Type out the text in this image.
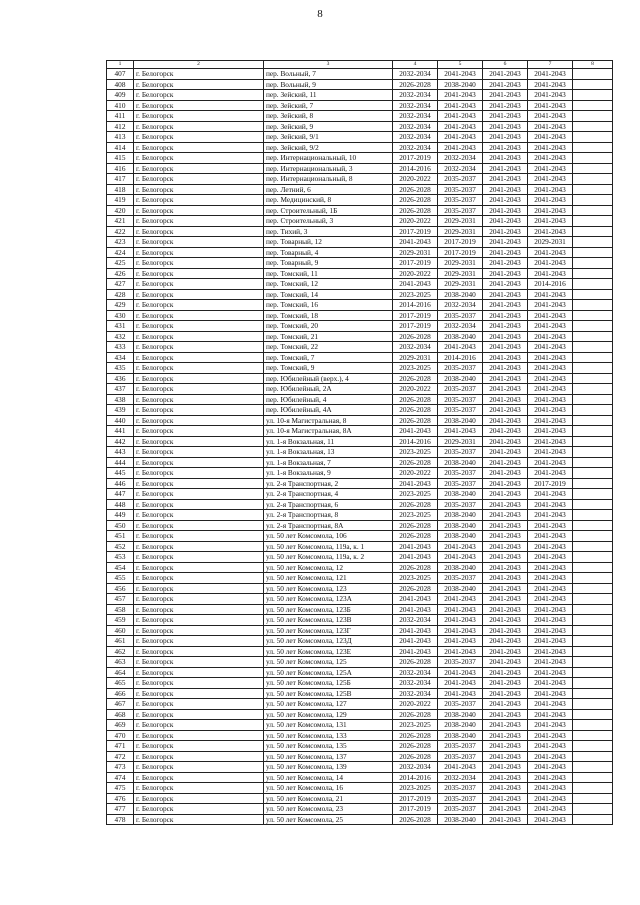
8
1	2	3	4	5	6	7	8
407	г. Белогорск	пер. Вольный, 7	2032-2034	2041-2043	2041-2043	2041-2043	
408	г. Белогорск	пер. Вольный, 9	2026-2028	2038-2040	2041-2043	2041-2043	
409	г. Белогорск	пер. Зейский, 11	2032-2034	2041-2043	2041-2043	2041-2043	
410	г. Белогорск	пер. Зейский, 7	2032-2034	2041-2043	2041-2043	2041-2043	
411	г. Белогорск	пер. Зейский, 8	2032-2034	2041-2043	2041-2043	2041-2043	
412	г. Белогорск	пер. Зейский, 9	2032-2034	2041-2043	2041-2043	2041-2043	
413	г. Белогорск	пер. Зейский, 9/1	2032-2034	2041-2043	2041-2043	2041-2043	
414	г. Белогорск	пер. Зейский, 9/2	2032-2034	2041-2043	2041-2043	2041-2043	
415	г. Белогорск	пер. Интернациональный, 10	2017-2019	2032-2034	2041-2043	2041-2043	
416	г. Белогорск	пер. Интернациональный, 3	2014-2016	2032-2034	2041-2043	2041-2043	
417	г. Белогорск	пер. Интернациональный, 8	2020-2022	2035-2037	2041-2043	2041-2043	
418	г. Белогорск	пер. Летний, 6	2026-2028	2035-2037	2041-2043	2041-2043	
419	г. Белогорск	пер. Медицинский, 8	2026-2028	2035-2037	2041-2043	2041-2043	
420	г. Белогорск	пер. Строительный, 1Б	2026-2028	2035-2037	2041-2043	2041-2043	
421	г. Белогорск	пер. Строительный, 3	2020-2022	2029-2031	2041-2043	2041-2043	
422	г. Белогорск	пер. Тихий, 3	2017-2019	2029-2031	2041-2043	2041-2043	
423	г. Белогорск	пер. Товарный, 12	2041-2043	2017-2019	2041-2043	2029-2031	
424	г. Белогорск	пер. Товарный, 4	2029-2031	2017-2019	2041-2043	2041-2043	
425	г. Белогорск	пер. Товарный, 9	2017-2019	2029-2031	2041-2043	2041-2043	
426	г. Белогорск	пер. Томский, 11	2020-2022	2029-2031	2041-2043	2041-2043	
427	г. Белогорск	пер. Томский, 12	2041-2043	2029-2031	2041-2043	2014-2016	
428	г. Белогорск	пер. Томский, 14	2023-2025	2038-2040	2041-2043	2041-2043	
429	г. Белогорск	пер. Томский, 16	2014-2016	2032-2034	2041-2043	2041-2043	
430	г. Белогорск	пер. Томский, 18	2017-2019	2035-2037	2041-2043	2041-2043	
431	г. Белогорск	пер. Томский, 20	2017-2019	2032-2034	2041-2043	2041-2043	
432	г. Белогорск	пер. Томский, 21	2026-2028	2038-2040	2041-2043	2041-2043	
433	г. Белогорск	пер. Томский, 22	2032-2034	2041-2043	2041-2043	2041-2043	
434	г. Белогорск	пер. Томский, 7	2029-2031	2014-2016	2041-2043	2041-2043	
435	г. Белогорск	пер. Томский, 9	2023-2025	2035-2037	2041-2043	2041-2043	
436	г. Белогорск	пер. Юбилейный (верх.), 4	2026-2028	2038-2040	2041-2043	2041-2043	
437	г. Белогорск	пер. Юбилейный, 2А	2020-2022	2035-2037	2041-2043	2041-2043	
438	г. Белогорск	пер. Юбилейный, 4	2026-2028	2035-2037	2041-2043	2041-2043	
439	г. Белогорск	пер. Юбилейный, 4А	2026-2028	2035-2037	2041-2043	2041-2043	
440	г. Белогорск	ул. 10-я Магистральная, 8	2026-2028	2038-2040	2041-2043	2041-2043	
441	г. Белогорск	ул. 10-я Магистральная, 8А	2041-2043	2041-2043	2041-2043	2041-2043	
442	г. Белогорск	ул. 1-я Вокзальная, 11	2014-2016	2029-2031	2041-2043	2041-2043	
443	г. Белогорск	ул. 1-я Вокзальная, 13	2023-2025	2035-2037	2041-2043	2041-2043	
444	г. Белогорск	ул. 1-я Вокзальная, 7	2026-2028	2038-2040	2041-2043	2041-2043	
445	г. Белогорск	ул. 1-я Вокзальная, 9	2020-2022	2035-2037	2041-2043	2041-2043	
446	г. Белогорск	ул. 2-я Транспортная, 2	2041-2043	2035-2037	2041-2043	2017-2019	
447	г. Белогорск	ул. 2-я Транспортная, 4	2023-2025	2038-2040	2041-2043	2041-2043	
448	г. Белогорск	ул. 2-я Транспортная, 6	2026-2028	2035-2037	2041-2043	2041-2043	
449	г. Белогорск	ул. 2-я Транспортная, 8	2023-2025	2038-2040	2041-2043	2041-2043	
450	г. Белогорск	ул. 2-я Транспортная, 8А	2026-2028	2038-2040	2041-2043	2041-2043	
451	г. Белогорск	ул. 50 лет Комсомола, 106	2026-2028	2038-2040	2041-2043	2041-2043	
452	г. Белогорск	ул. 50 лет Комсомола, 119а, к. 1	2041-2043	2041-2043	2041-2043	2041-2043	
453	г. Белогорск	ул. 50 лет Комсомола, 119а, к. 2	2041-2043	2041-2043	2041-2043	2041-2043	
454	г. Белогорск	ул. 50 лет Комсомола, 12	2026-2028	2038-2040	2041-2043	2041-2043	
455	г. Белогорск	ул. 50 лет Комсомола, 121	2023-2025	2035-2037	2041-2043	2041-2043	
456	г. Белогорск	ул. 50 лет Комсомола, 123	2026-2028	2038-2040	2041-2043	2041-2043	
457	г. Белогорск	ул. 50 лет Комсомола, 123А	2041-2043	2041-2043	2041-2043	2041-2043	
458	г. Белогорск	ул. 50 лет Комсомола, 123Б	2041-2043	2041-2043	2041-2043	2041-2043	
459	г. Белогорск	ул. 50 лет Комсомола, 123В	2032-2034	2041-2043	2041-2043	2041-2043	
460	г. Белогорск	ул. 50 лет Комсомола, 123Г	2041-2043	2041-2043	2041-2043	2041-2043	
461	г. Белогорск	ул. 50 лет Комсомола, 123Д	2041-2043	2041-2043	2041-2043	2041-2043	
462	г. Белогорск	ул. 50 лет Комсомола, 123Е	2041-2043	2041-2043	2041-2043	2041-2043	
463	г. Белогорск	ул. 50 лет Комсомола, 125	2026-2028	2035-2037	2041-2043	2041-2043	
464	г. Белогорск	ул. 50 лет Комсомола, 125А	2032-2034	2041-2043	2041-2043	2041-2043	
465	г. Белогорск	ул. 50 лет Комсомола, 125Б	2032-2034	2041-2043	2041-2043	2041-2043	
466	г. Белогорск	ул. 50 лет Комсомола, 125В	2032-2034	2041-2043	2041-2043	2041-2043	
467	г. Белогорск	ул. 50 лет Комсомола, 127	2020-2022	2035-2037	2041-2043	2041-2043	
468	г. Белогорск	ул. 50 лет Комсомола, 129	2026-2028	2038-2040	2041-2043	2041-2043	
469	г. Белогорск	ул. 50 лет Комсомола, 131	2023-2025	2038-2040	2041-2043	2041-2043	
470	г. Белогорск	ул. 50 лет Комсомола, 133	2026-2028	2038-2040	2041-2043	2041-2043	
471	г. Белогорск	ул. 50 лет Комсомола, 135	2026-2028	2035-2037	2041-2043	2041-2043	
472	г. Белогорск	ул. 50 лет Комсомола, 137	2026-2028	2035-2037	2041-2043	2041-2043	
473	г. Белогорск	ул. 50 лет Комсомола, 139	2032-2034	2041-2043	2041-2043	2041-2043	
474	г. Белогорск	ул. 50 лет Комсомола, 14	2014-2016	2032-2034	2041-2043	2041-2043	
475	г. Белогорск	ул. 50 лет Комсомола, 16	2023-2025	2035-2037	2041-2043	2041-2043	
476	г. Белогорск	ул. 50 лет Комсомола, 21	2017-2019	2035-2037	2041-2043	2041-2043	
477	г. Белогорск	ул. 50 лет Комсомола, 23	2017-2019	2035-2037	2041-2043	2041-2043	
478	г. Белогорск	ул. 50 лет Комсомола, 25	2026-2028	2038-2040	2041-2043	2041-2043	
